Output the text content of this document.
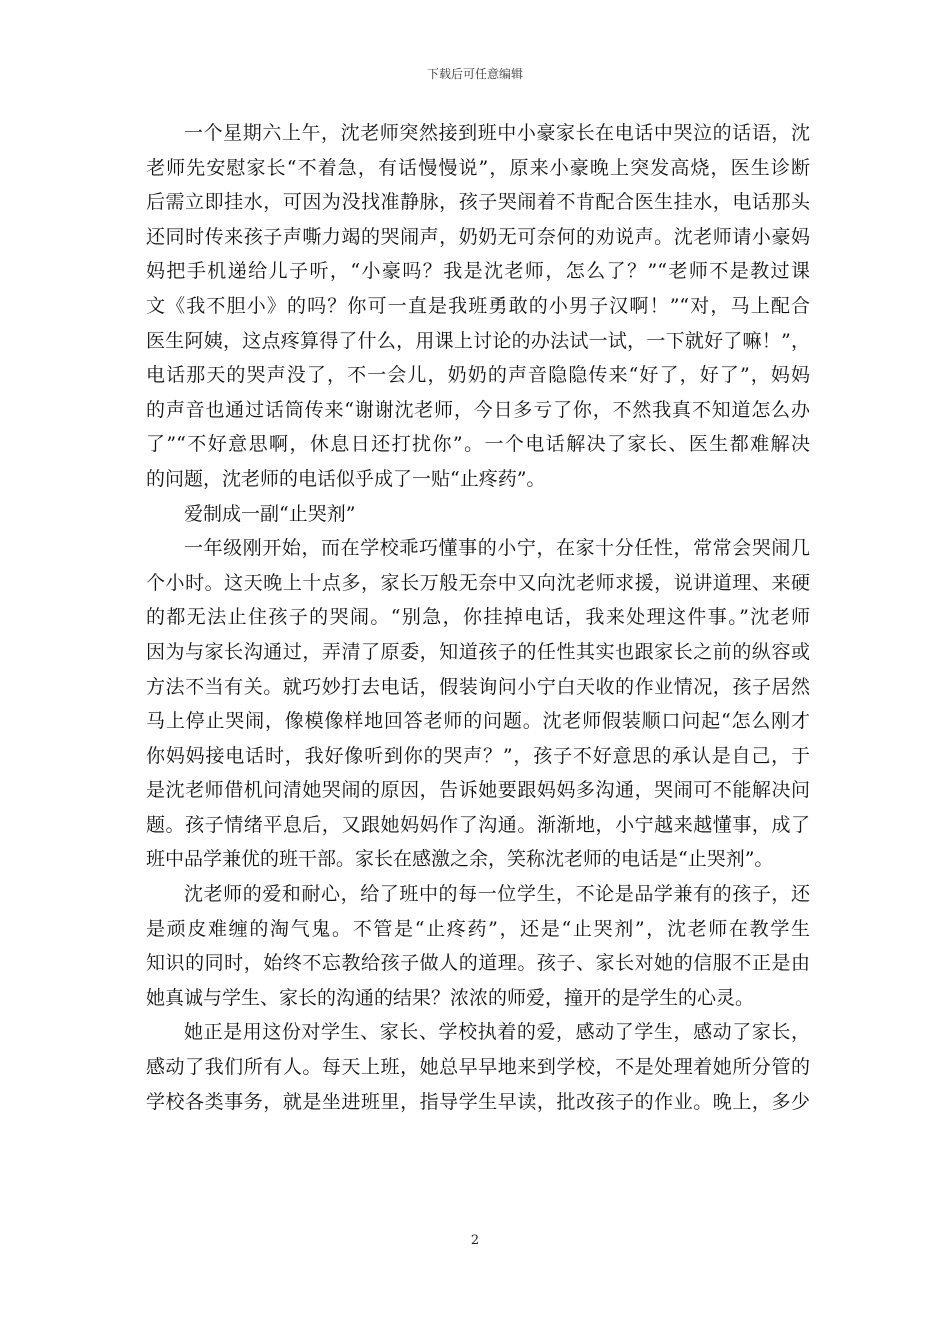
下载后可任意编辑
一个星期六上午，沈老师突然接到班中小豪家长在电话中哭泣的话语，沈
老师先安慰家长“不着急，有话慢慢说”，原来小豪晚上突发高烧，医生诊断
后需立即挂水，可因为没找准静脉，孩子哭闹着不肯配合医生挂水，电话那头
还同时传来孩子声嘶力竭的哭闹声，奶奶无可奈何的劝说声。沈老师请小豪妈
妈把手机递给儿子听，“小豪吗？我是沈老师，怎么了？”“老师不是教过课
文《我不胆小》的吗？你可一直是我班勇敢的小男子汉啊！”“对，马上配合
医生阿姨，这点疼算得了什么，用课上讨论的办法试一试，一下就好了嘛！”，
电话那天的哭声没了，不一会儿，奶奶的声音隐隐传来“好了，好了”，妈妈
的声音也通过话筒传来“谢谢沈老师，今日多亏了你，不然我真不知道怎么办
了”“不好意思啊，休息日还打扰你”。一个电话解决了家长、医生都难解决
的问题，沈老师的电话似乎成了一贴“止疼药”。
爱制成一副“止哭剂”
一年级刚开始，而在学校乖巧懂事的小宁，在家十分任性，常常会哭闹几
个小时。这天晚上十点多，家长万般无奈中又向沈老师求援，说讲道理、来硬
的都无法止住孩子的哭闹。“别急，你挂掉电话，我来处理这件事。”沈老师
因为与家长沟通过，弄清了原委，知道孩子的任性其实也跟家长之前的纵容或
方法不当有关。就巧妙打去电话，假装询问小宁白天收的作业情况，孩子居然
马上停止哭闹，像模像样地回答老师的问题。沈老师假装顺口问起“怎么刚才
你妈妈接电话时，我好像听到你的哭声？”，孩子不好意思的承认是自己，于
是沈老师借机问清她哭闹的原因，告诉她要跟妈妈多沟通，哭闹可不能解决问
题。孩子情绪平息后，又跟她妈妈作了沟通。渐渐地，小宁越来越懂事，成了
班中品学兼优的班干部。家长在感激之余，笑称沈老师的电话是“止哭剂”。
沈老师的爱和耐心，给了班中的每一位学生，不论是品学兼有的孩子，还
是顽皮难缠的淘气鬼。不管是“止疼药”，还是“止哭剂”，沈老师在教学生
知识的同时，始终不忘教给孩子做人的道理。孩子、家长对她的信服不正是由
她真诚与学生、家长的沟通的结果？浓浓的师爱，撞开的是学生的心灵。
她正是用这份对学生、家长、学校执着的爱，感动了学生，感动了家长，
感动了我们所有人。每天上班，她总早早地来到学校，不是处理着她所分管的
学校各类事务，就是坐进班里，指导学生早读，批改孩子的作业。晚上，多少
2
